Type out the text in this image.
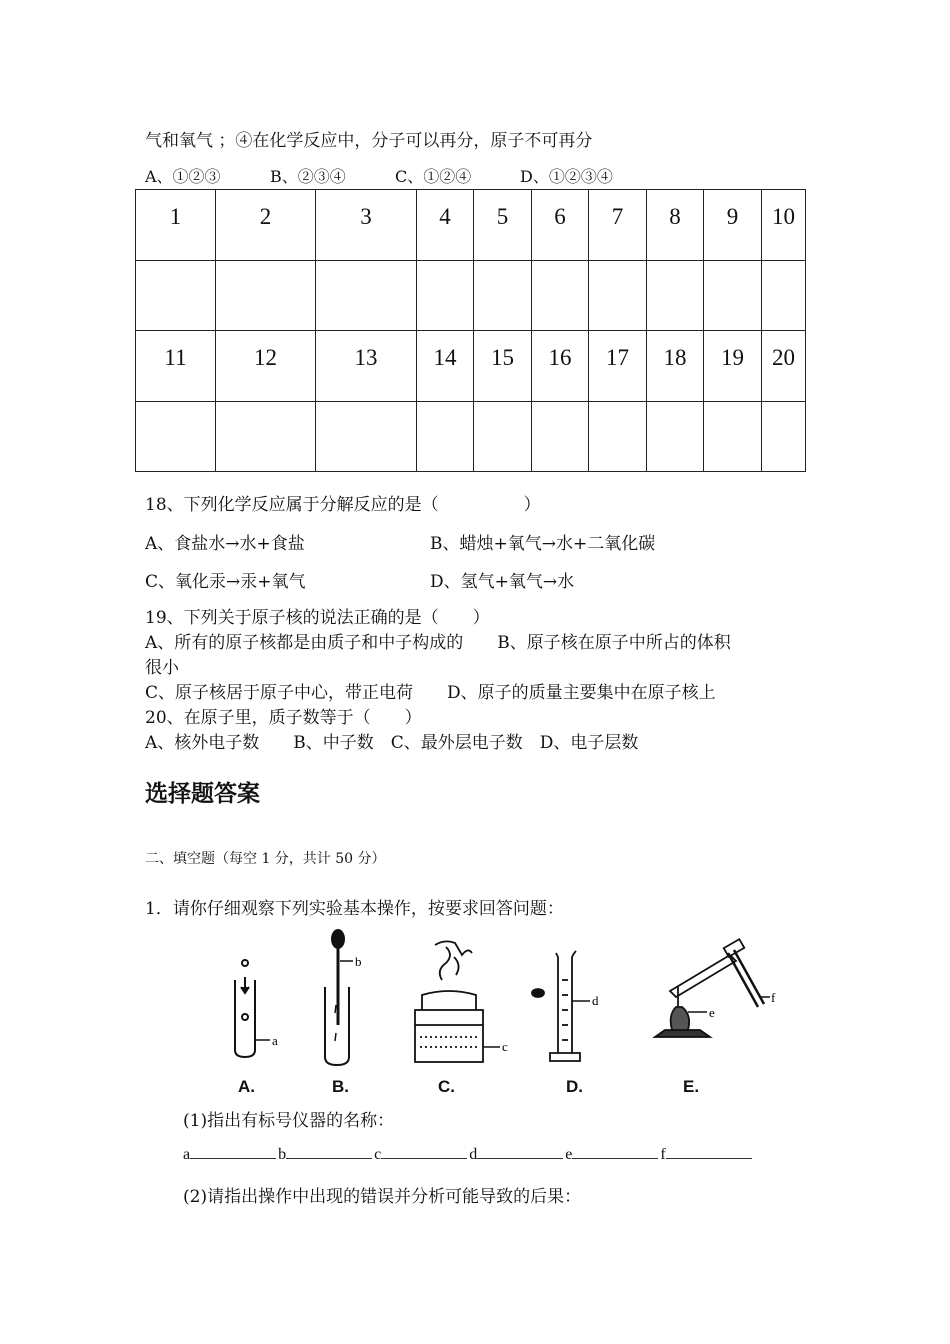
气和氧气 ；④在化学反应中，分子可以再分，原子不可再分
A、①②③	B、②③④	C、①②④	D、①②③④
1	2	3	4	5	6	7	8	9	10

11	12	13	14	15	16	17	18	19	20

18、下列化学反应属于分解反应的是（　　　　　）
A、食盐水→水+食盐	B、蜡烛+氧气→水+二氧化碳
C、氧化汞→汞+氧气	D、氢气+氧气→水
19、下列关于原子核的说法正确的是（　　）
A、所有的原子核都是由质子和中子构成的　　B、原子核在原子中所占的体积
很小
C、原子核居于原子中心，带正电荷　　D、原子的质量主要集中在原子核上
20、在原子里，质子数等于（　　）
A、核外电子数　　B、中子数　C、最外层电子数　D、电子层数
选择题答案
二、填空题（每空 1 分，共计 50 分）
1．请你仔细观察下列实验基本操作，按要求回答问题：
a
b
c
d
e
f
A.	B.	C.	D.	E.
(1)指出有标号仪器的名称：
a	b	c	d	e	f
(2)请指出操作中出现的错误并分析可能导致的后果：
